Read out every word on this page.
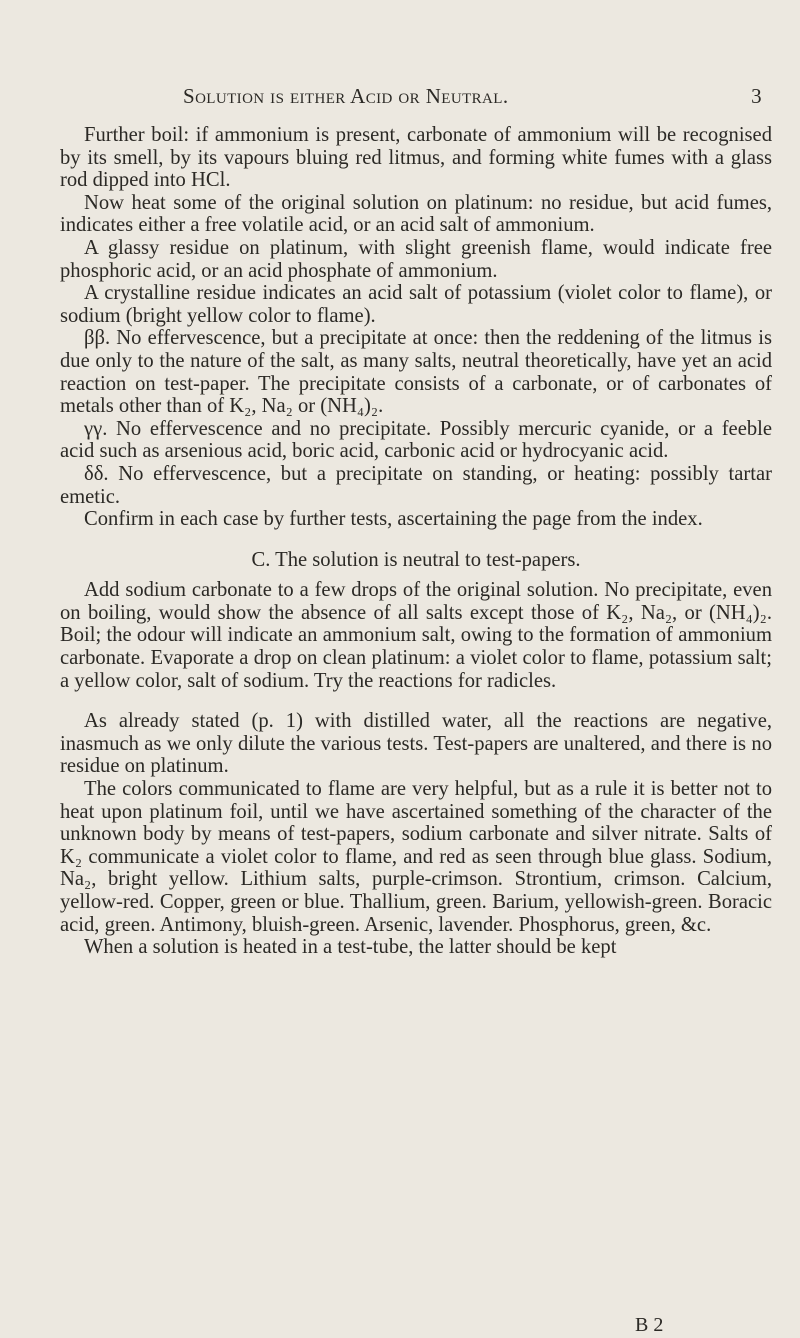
Solution is either Acid or Neutral.	3

Further boil: if ammonium is present, carbonate of ammonium will be recognised by its smell, by its vapours bluing red litmus, and forming white fumes with a glass rod dipped into HCl.

Now heat some of the original solution on platinum: no residue, but acid fumes, indicates either a free volatile acid, or an acid salt of ammonium.

A glassy residue on platinum, with slight greenish flame, would indicate free phosphoric acid, or an acid phosphate of ammonium.

A crystalline residue indicates an acid salt of potassium (violet color to flame), or sodium (bright yellow color to flame).

ββ. No effervescence, but a precipitate at once: then the reddening of the litmus is due only to the nature of the salt, as many salts, neutral theoretically, have yet an acid reaction on test-paper. The precipitate consists of a carbonate, or of carbonates of metals other than of K₂, Na₂ or (NH₄)₂.

γγ. No effervescence and no precipitate. Possibly mercuric cyanide, or a feeble acid such as arsenious acid, boric acid, carbonic acid or hydrocyanic acid.

δδ. No effervescence, but a precipitate on standing, or heating: possibly tartar emetic.

Confirm in each case by further tests, ascertaining the page from the index.

C. The solution is neutral to test-papers.

Add sodium carbonate to a few drops of the original solution. No precipitate, even on boiling, would show the absence of all salts except those of K₂, Na₂, or (NH₄)₂. Boil; the odour will indicate an ammonium salt, owing to the formation of ammonium carbonate. Evaporate a drop on clean platinum: a violet color to flame, potassium salt; a yellow color, salt of sodium. Try the reactions for radicles.

As already stated (p. 1) with distilled water, all the reactions are negative, inasmuch as we only dilute the various tests. Test-papers are unaltered, and there is no residue on platinum.

The colors communicated to flame are very helpful, but as a rule it is better not to heat upon platinum foil, until we have ascertained something of the character of the unknown body by means of test-papers, sodium carbonate and silver nitrate. Salts of K₂ communicate a violet color to flame, and red as seen through blue glass. Sodium, Na₂, bright yellow. Lithium salts, purple-crimson. Strontium, crimson. Calcium, yellow-red. Copper, green or blue. Thallium, green. Barium, yellowish-green. Boracic acid, green. Antimony, bluish-green. Arsenic, lavender. Phosphorus, green, &c.

When a solution is heated in a test-tube, the latter should be kept

B 2
